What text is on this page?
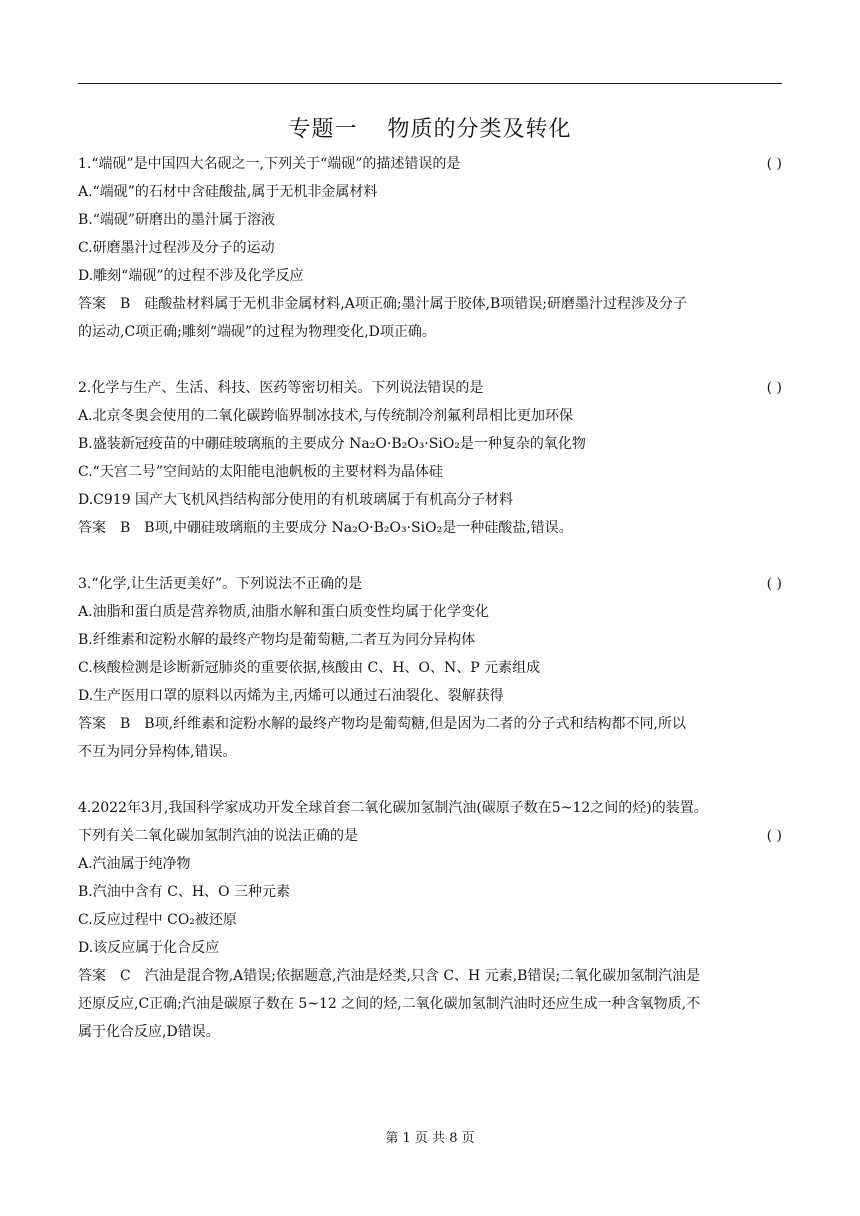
专题一 物质的分类及转化
1.“端砚”是中国四大名砚之一,下列关于“端砚”的描述错误的是	( )
A.“端砚”的石材中含硅酸盐,属于无机非金属材料
B.“端砚”研磨出的墨汁属于溶液
C.研磨墨汁过程涉及分子的运动
D.雕刻“端砚”的过程不涉及化学反应
答案 B 硅酸盐材料属于无机非金属材料,A项正确;墨汁属于胶体,B项错误;研磨墨汁过程涉及分子
的运动,C项正确;雕刻“端砚”的过程为物理变化,D项正确。
2.化学与生产、生活、科技、医药等密切相关。下列说法错误的是	( )
A.北京冬奥会使用的二氧化碳跨临界制冰技术,与传统制冷剂氟利昂相比更加环保
B.盛装新冠疫苗的中硼硅玻璃瓶的主要成分 Na₂O·B₂O₃·SiO₂是一种复杂的氧化物
C.“天宫二号”空间站的太阳能电池帆板的主要材料为晶体硅
D.C919 国产大飞机风挡结构部分使用的有机玻璃属于有机高分子材料
答案 B B项,中硼硅玻璃瓶的主要成分 Na₂O·B₂O₃·SiO₂是一种硅酸盐,错误。
3.“化学,让生活更美好”。下列说法不正确的是	( )
A.油脂和蛋白质是营养物质,油脂水解和蛋白质变性均属于化学变化
B.纤维素和淀粉水解的最终产物均是葡萄糖,二者互为同分异构体
C.核酸检测是诊断新冠肺炎的重要依据,核酸由 C、H、O、N、P 元素组成
D.生产医用口罩的原料以丙烯为主,丙烯可以通过石油裂化、裂解获得
答案 B B项,纤维素和淀粉水解的最终产物均是葡萄糖,但是因为二者的分子式和结构都不同,所以
不互为同分异构体,错误。
4.2022年3月,我国科学家成功开发全球首套二氧化碳加氢制汽油(碳原子数在5~12之间的烃)的装置。
下列有关二氧化碳加氢制汽油的说法正确的是	( )
A.汽油属于纯净物
B.汽油中含有 C、H、O 三种元素
C.反应过程中 CO₂被还原
D.该反应属于化合反应
答案 C 汽油是混合物,A错误;依据题意,汽油是烃类,只含 C、H 元素,B错误;二氧化碳加氢制汽油是
还原反应,C正确;汽油是碳原子数在 5~12 之间的烃,二氧化碳加氢制汽油时还应生成一种含氧物质,不
属于化合反应,D错误。
第 1 页 共 8 页
